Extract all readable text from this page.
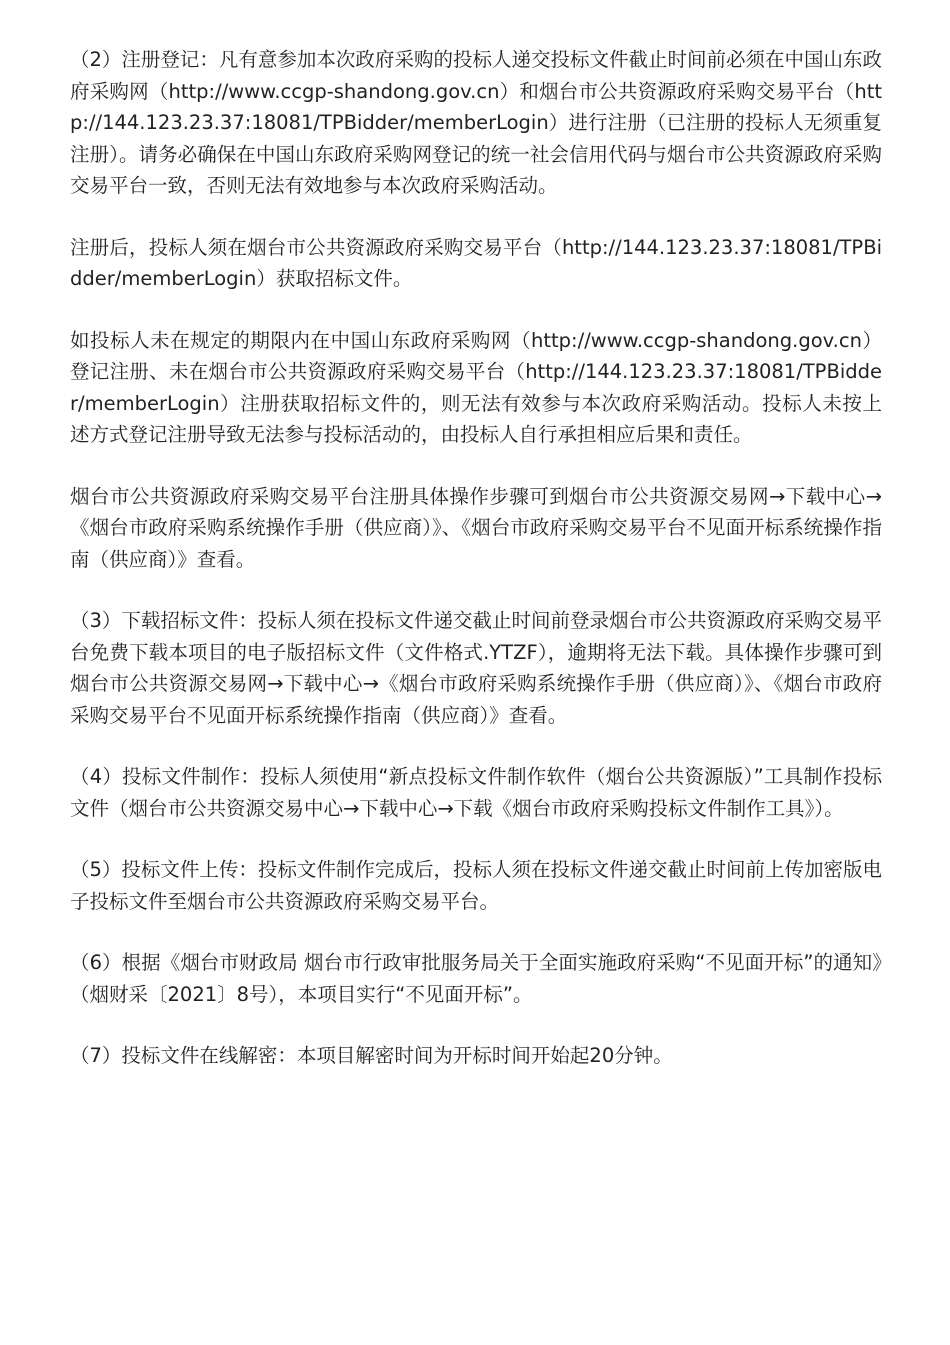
（2）注册登记：凡有意参加本次政府采购的投标人递交投标文件截止时间前必须在中国山东政府采购网（http://www.ccgp-shandong.gov.cn）和烟台市公共资源政府采购交易平台（http://144.123.23.37:18081/TPBidder/memberLogin）进行注册（已注册的投标人无须重复注册）。请务必确保在中国山东政府采购网登记的统一社会信用代码与烟台市公共资源政府采购交易平台一致，否则无法有效地参与本次政府采购活动。

注册后，投标人须在烟台市公共资源政府采购交易平台（http://144.123.23.37:18081/TPBidder/memberLogin）获取招标文件。

如投标人未在规定的期限内在中国山东政府采购网（http://www.ccgp-shandong.gov.cn）登记注册、未在烟台市公共资源政府采购交易平台（http://144.123.23.37:18081/TPBidder/memberLogin）注册获取招标文件的，则无法有效参与本次政府采购活动。投标人未按上述方式登记注册导致无法参与投标活动的，由投标人自行承担相应后果和责任。

烟台市公共资源政府采购交易平台注册具体操作步骤可到烟台市公共资源交易网→下载中心→《烟台市政府采购系统操作手册（供应商）》、《烟台市政府采购交易平台不见面开标系统操作指南（供应商）》查看。

（3）下载招标文件：投标人须在投标文件递交截止时间前登录烟台市公共资源政府采购交易平台免费下载本项目的电子版招标文件（文件格式.YTZF），逾期将无法下载。具体操作步骤可到烟台市公共资源交易网→下载中心→《烟台市政府采购系统操作手册（供应商）》、《烟台市政府采购交易平台不见面开标系统操作指南（供应商）》查看。

（4）投标文件制作：投标人须使用“新点投标文件制作软件（烟台公共资源版）”工具制作投标文件（烟台市公共资源交易中心→下载中心→下载《烟台市政府采购投标文件制作工具》）。

（5）投标文件上传：投标文件制作完成后，投标人须在投标文件递交截止时间前上传加密版电子投标文件至烟台市公共资源政府采购交易平台。

（6）根据《烟台市财政局 烟台市行政审批服务局关于全面实施政府采购“不见面开标”的通知》（烟财采〔2021〕8号），本项目实行“不见面开标”。

（7）投标文件在线解密：本项目解密时间为开标时间开始起20分钟。
